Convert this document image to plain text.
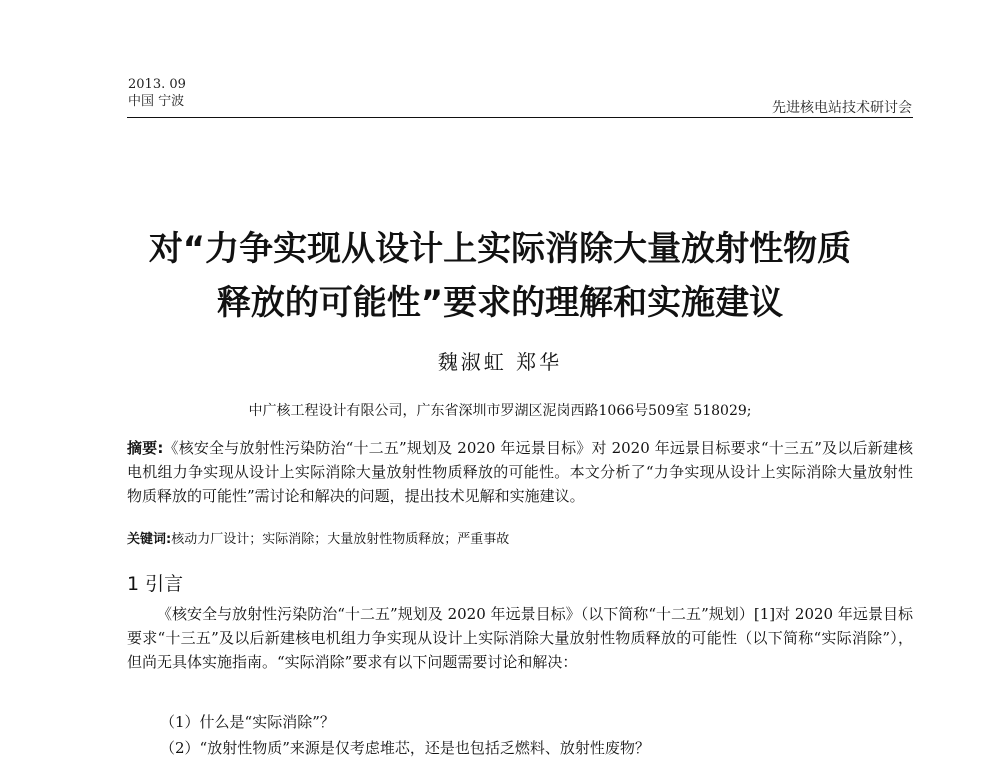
2013. 09
中国 宁波	先进核电站技术研讨会
对“力争实现从设计上实际消除大量放射性物质
释放的可能性”要求的理解和实施建议
魏淑虹 郑华
中广核工程设计有限公司，广东省深圳市罗湖区泥岗西路1066号509室 518029;
摘要:《核安全与放射性污染防治“十二五”规划及 2020 年远景目标》对 2020 年远景目标要求“十三五”及以后新建核电机组力争实现从设计上实际消除大量放射性物质释放的可能性。本文分析了“力争实现从设计上实际消除大量放射性物质释放的可能性”需讨论和解决的问题，提出技术见解和实施建议。
关键词:核动力厂设计；实际消除；大量放射性物质释放；严重事故
1 引言
《核安全与放射性污染防治“十二五”规划及 2020 年远景目标》（以下简称“十二五”规划）[1]对 2020 年远景目标要求“十三五”及以后新建核电机组力争实现从设计上实际消除大量放射性物质释放的可能性（以下简称“实际消除”），但尚无具体实施指南。“实际消除”要求有以下问题需要讨论和解决：
（1）什么是“实际消除”？
（2）“放射性物质”来源是仅考虑堆芯，还是也包括乏燃料、放射性废物？
